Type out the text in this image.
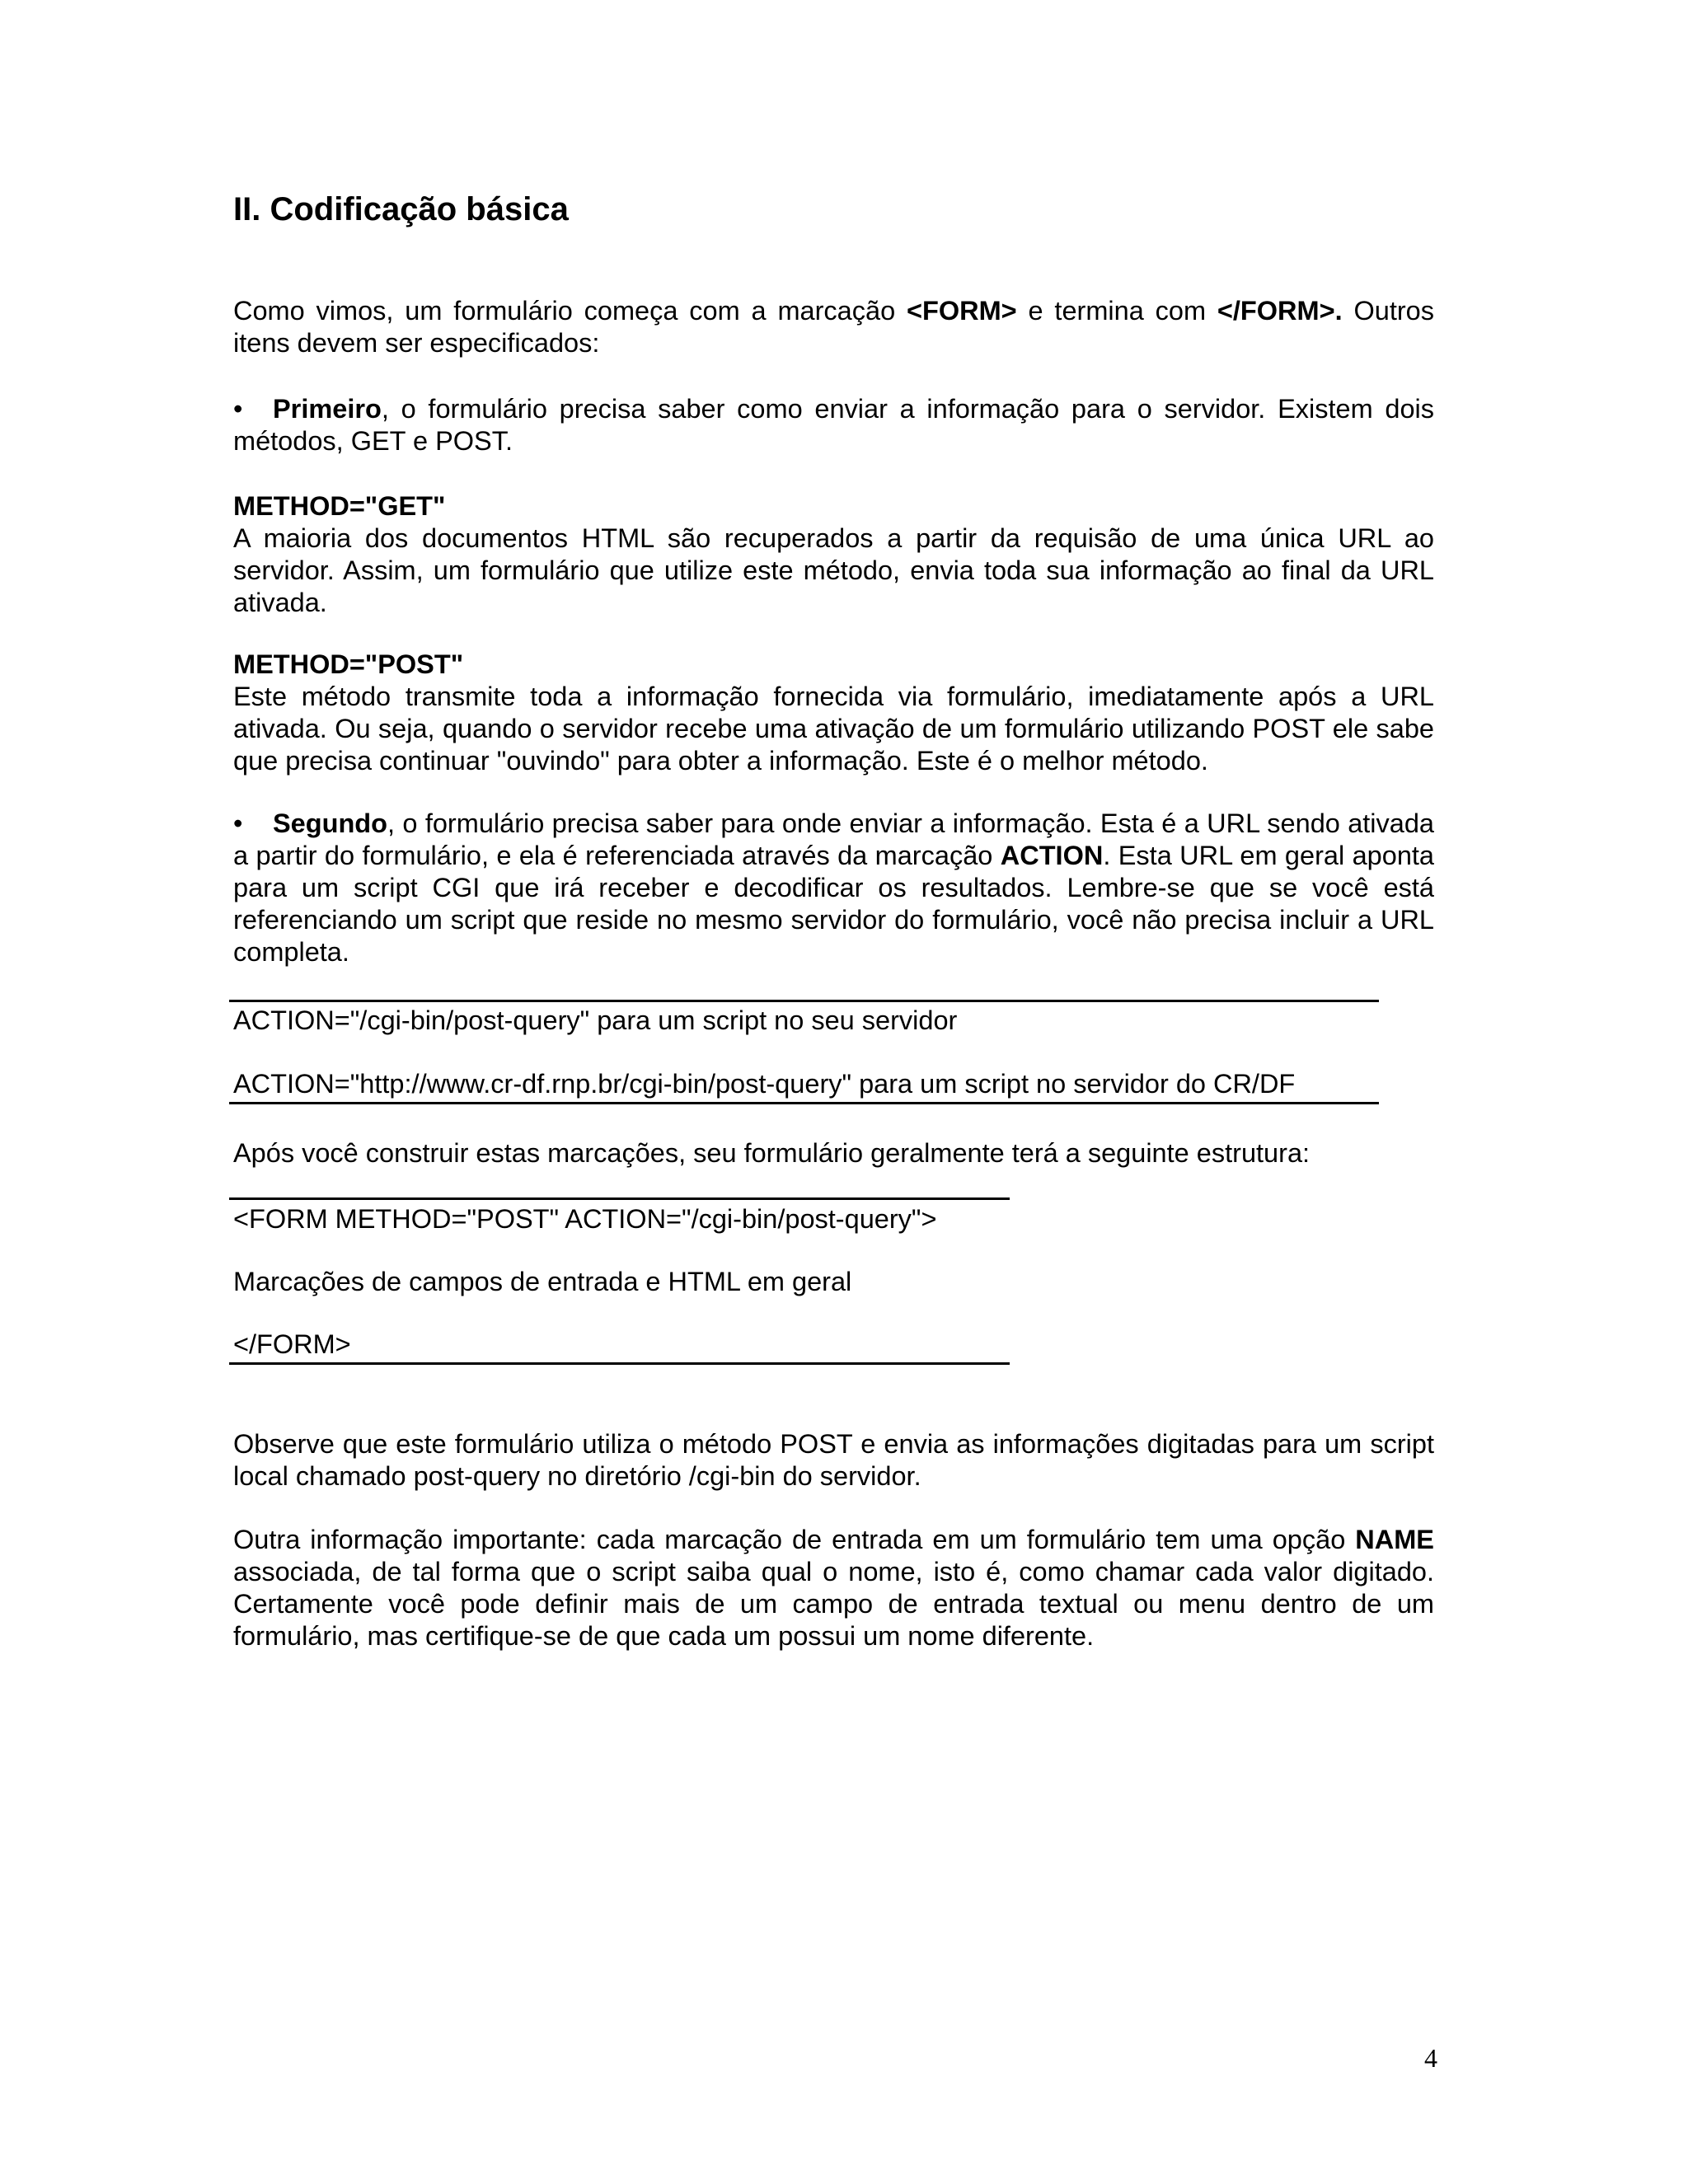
II. Codificação básica

Como vimos, um formulário começa com a marcação <FORM> e termina com </FORM>. Outros itens devem ser especificados:

• Primeiro, o formulário precisa saber como enviar a informação para o servidor. Existem dois métodos, GET e POST.

METHOD="GET"

A maioria dos documentos HTML são recuperados a partir da requisão de uma única URL ao servidor. Assim, um formulário que utilize este método, envia toda sua informação ao final da URL ativada.

METHOD="POST"

Este método transmite toda a informação fornecida via formulário, imediatamente após a URL ativada. Ou seja, quando o servidor recebe uma ativação de um formulário utilizando POST ele sabe que precisa continuar "ouvindo" para obter a informação. Este é o melhor método.

• Segundo, o formulário precisa saber para onde enviar a informação. Esta é a URL sendo ativada a partir do formulário, e ela é referenciada através da marcação ACTION. Esta URL em geral aponta para um script CGI que irá receber e decodificar os resultados. Lembre-se que se você está referenciando um script que reside no mesmo servidor do formulário, você não precisa incluir a URL completa.

ACTION="/cgi-bin/post-query" para um script no seu servidor
ACTION="http://www.cr-df.rnp.br/cgi-bin/post-query" para um script no servidor do CR/DF
Após você construir estas marcações, seu formulário geralmente terá a seguinte estrutura:
<FORM METHOD="POST" ACTION="/cgi-bin/post-query">
Marcações de campos de entrada e HTML em geral
</FORM>

Observe que este formulário utiliza o método POST e envia as informações digitadas para um script local chamado post-query no diretório /cgi-bin do servidor.

Outra informação importante: cada marcação de entrada em um formulário tem uma opção NAME associada, de tal forma que o script saiba qual o nome, isto é, como chamar cada valor digitado. Certamente você pode definir mais de um campo de entrada textual ou menu dentro de um formulário, mas certifique-se de que cada um possui um nome diferente.

4
